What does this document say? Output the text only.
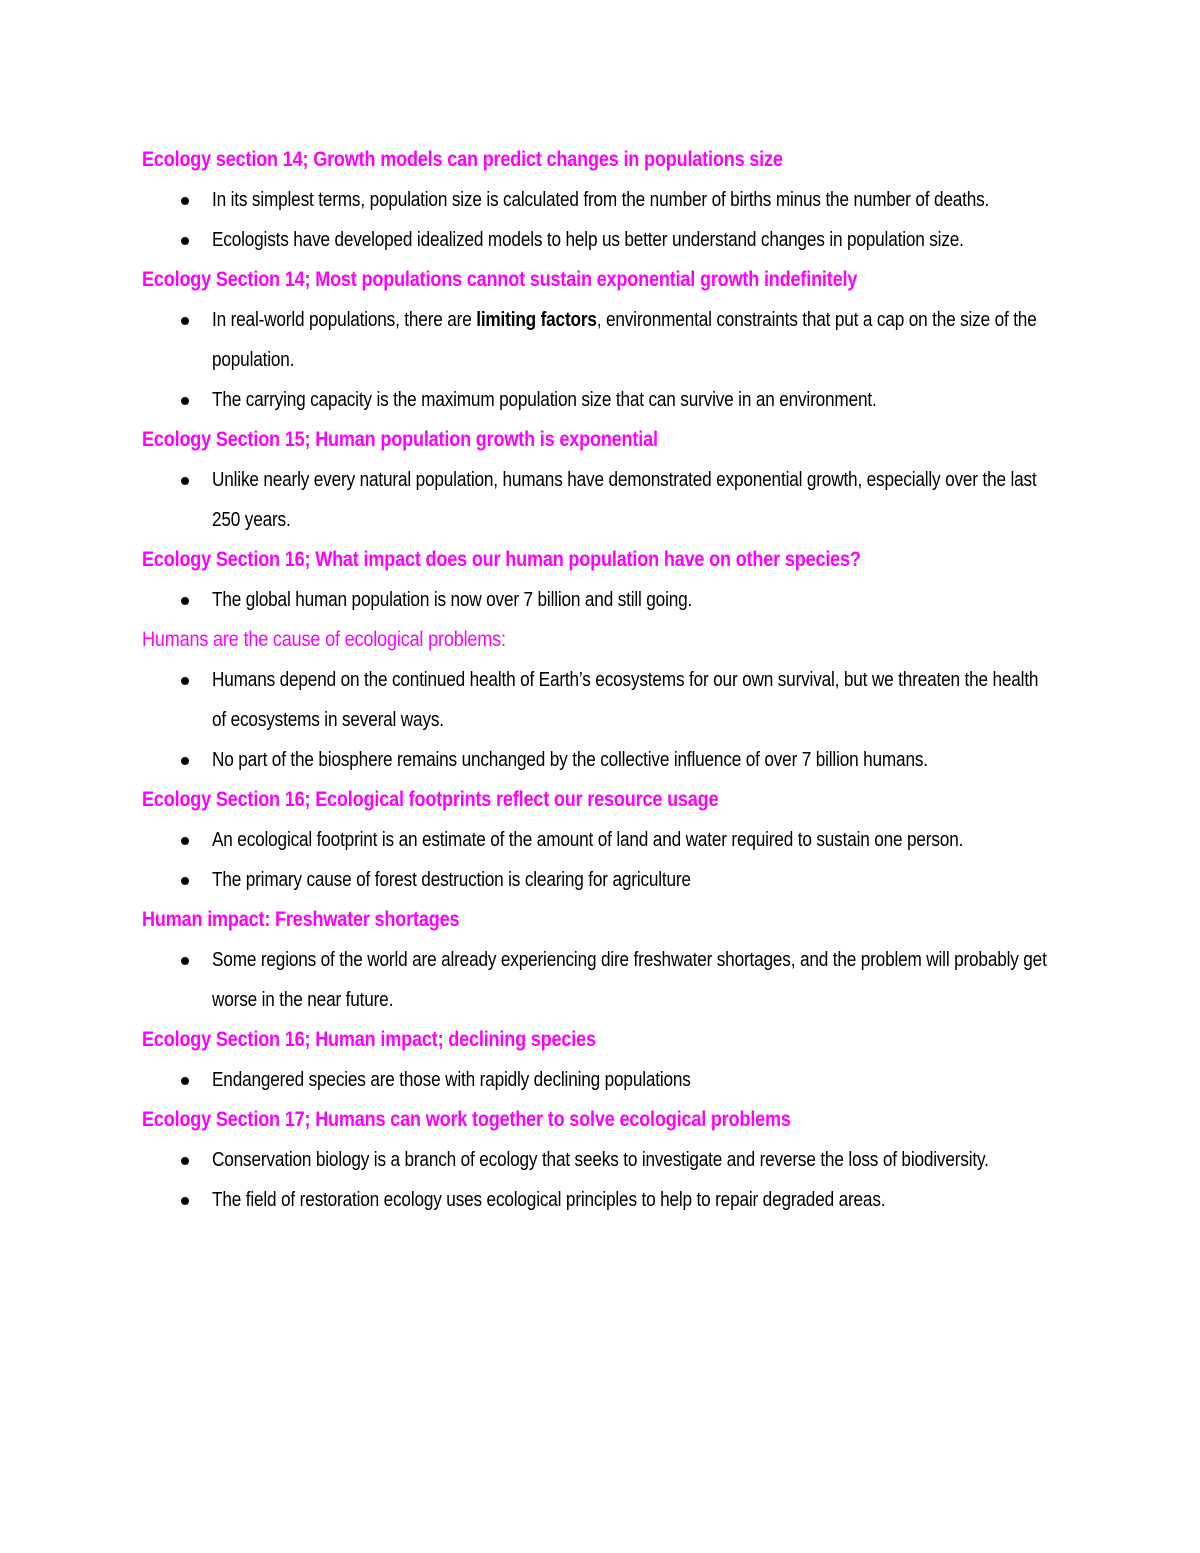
Ecology section 14; Growth models can predict changes in populations size
In its simplest terms, population size is calculated from the number of births minus the number of deaths.
Ecologists have developed idealized models to help us better understand changes in population size.
Ecology Section 14; Most populations cannot sustain exponential growth indefinitely
In real-world populations, there are limiting factors, environmental constraints that put a cap on the size of the population.
The carrying capacity is the maximum population size that can survive in an environment.
Ecology Section 15; Human population growth is exponential
Unlike nearly every natural population, humans have demonstrated exponential growth, especially over the last 250 years.
Ecology Section 16; What impact does our human population have on other species?
The global human population is now over 7 billion and still going.
Humans are the cause of ecological problems:
Humans depend on the continued health of Earth’s ecosystems for our own survival, but we threaten the health of ecosystems in several ways.
No part of the biosphere remains unchanged by the collective influence of over 7 billion humans.
Ecology Section 16; Ecological footprints reflect our resource usage
An ecological footprint is an estimate of the amount of land and water required to sustain one person.
The primary cause of forest destruction is clearing for agriculture
Human impact: Freshwater shortages
Some regions of the world are already experiencing dire freshwater shortages, and the problem will probably get worse in the near future.
Ecology Section 16; Human impact; declining species
Endangered species are those with rapidly declining populations
Ecology Section 17; Humans can work together to solve ecological problems
Conservation biology is a branch of ecology that seeks to investigate and reverse the loss of biodiversity.
The field of restoration ecology uses ecological principles to help to repair degraded areas.
